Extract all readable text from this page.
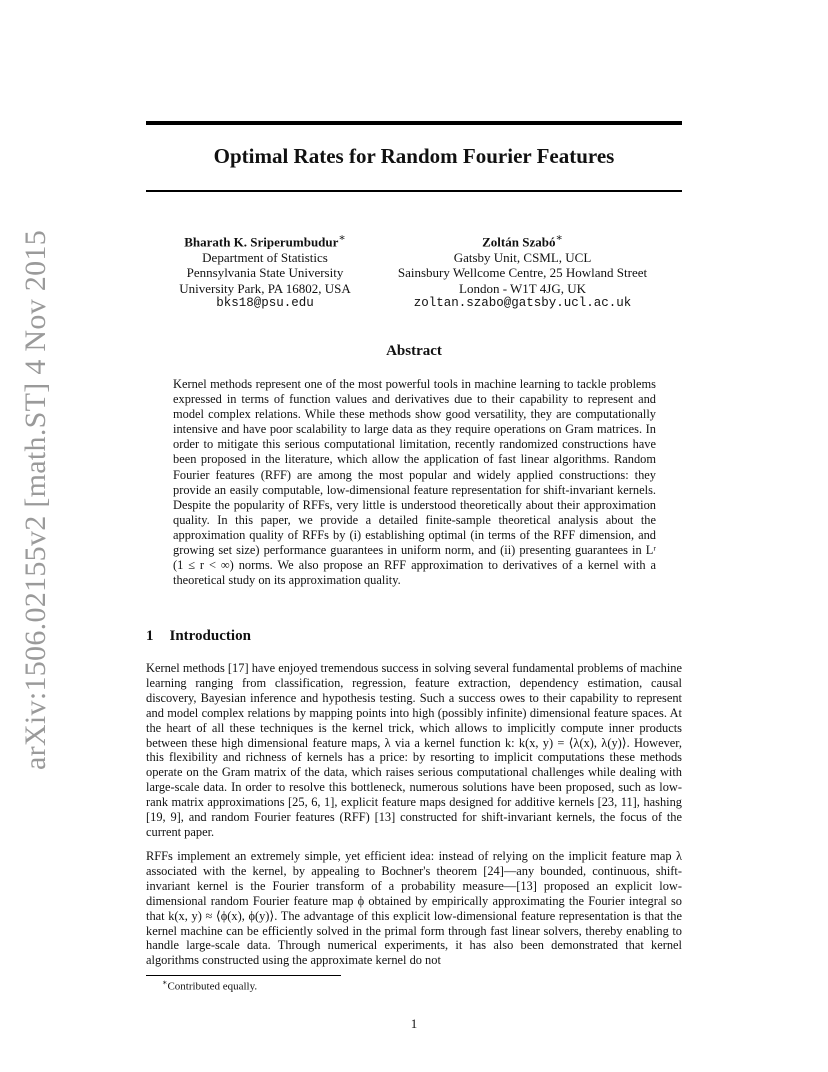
arXiv:1506.02155v2 [math.ST] 4 Nov 2015
Optimal Rates for Random Fourier Features
Bharath K. Sriperumbudur∗
Department of Statistics
Pennsylvania State University
University Park, PA 16802, USA
bks18@psu.edu
Zoltán Szabó∗
Gatsby Unit, CSML, UCL
Sainsbury Wellcome Centre, 25 Howland Street
London - W1T 4JG, UK
zoltan.szabo@gatsby.ucl.ac.uk
Abstract

Kernel methods represent one of the most powerful tools in machine learning to tackle problems expressed in terms of function values and derivatives due to their capability to represent and model complex relations. While these methods show good versatility, they are computationally intensive and have poor scalability to large data as they require operations on Gram matrices. In order to mitigate this serious computational limitation, recently randomized constructions have been proposed in the literature, which allow the application of fast linear algorithms. Random Fourier features (RFF) are among the most popular and widely applied constructions: they provide an easily computable, low-dimensional feature representation for shift-invariant kernels. Despite the popularity of RFFs, very little is understood theoretically about their approximation quality. In this paper, we provide a detailed finite-sample theoretical analysis about the approximation quality of RFFs by (i) establishing optimal (in terms of the RFF dimension, and growing set size) performance guarantees in uniform norm, and (ii) presenting guarantees in Lʳ (1 ≤ r < ∞) norms. We also propose an RFF approximation to derivatives of a kernel with a theoretical study on its approximation quality.

1 Introduction

Kernel methods [17] have enjoyed tremendous success in solving several fundamental problems of machine learning ranging from classification, regression, feature extraction, dependency estimation, causal discovery, Bayesian inference and hypothesis testing. Such a success owes to their capability to represent and model complex relations by mapping points into high (possibly infinite) dimensional feature spaces. At the heart of all these techniques is the kernel trick, which allows to implicitly compute inner products between these high dimensional feature maps, λ via a kernel function k: k(x, y) = ⟨λ(x), λ(y)⟩. However, this flexibility and richness of kernels has a price: by resorting to implicit computations these methods operate on the Gram matrix of the data, which raises serious computational challenges while dealing with large-scale data. In order to resolve this bottleneck, numerous solutions have been proposed, such as low-rank matrix approximations [25, 6, 1], explicit feature maps designed for additive kernels [23, 11], hashing [19, 9], and random Fourier features (RFF) [13] constructed for shift-invariant kernels, the focus of the current paper.

RFFs implement an extremely simple, yet efficient idea: instead of relying on the implicit feature map λ associated with the kernel, by appealing to Bochner's theorem [24]—any bounded, continuous, shift-invariant kernel is the Fourier transform of a probability measure—[13] proposed an explicit low-dimensional random Fourier feature map ϕ obtained by empirically approximating the Fourier integral so that k(x, y) ≈ ⟨ϕ(x), ϕ(y)⟩. The advantage of this explicit low-dimensional feature representation is that the kernel machine can be efficiently solved in the primal form through fast linear solvers, thereby enabling to handle large-scale data. Through numerical experiments, it has also been demonstrated that kernel algorithms constructed using the approximate kernel do not

∗Contributed equally.
1
